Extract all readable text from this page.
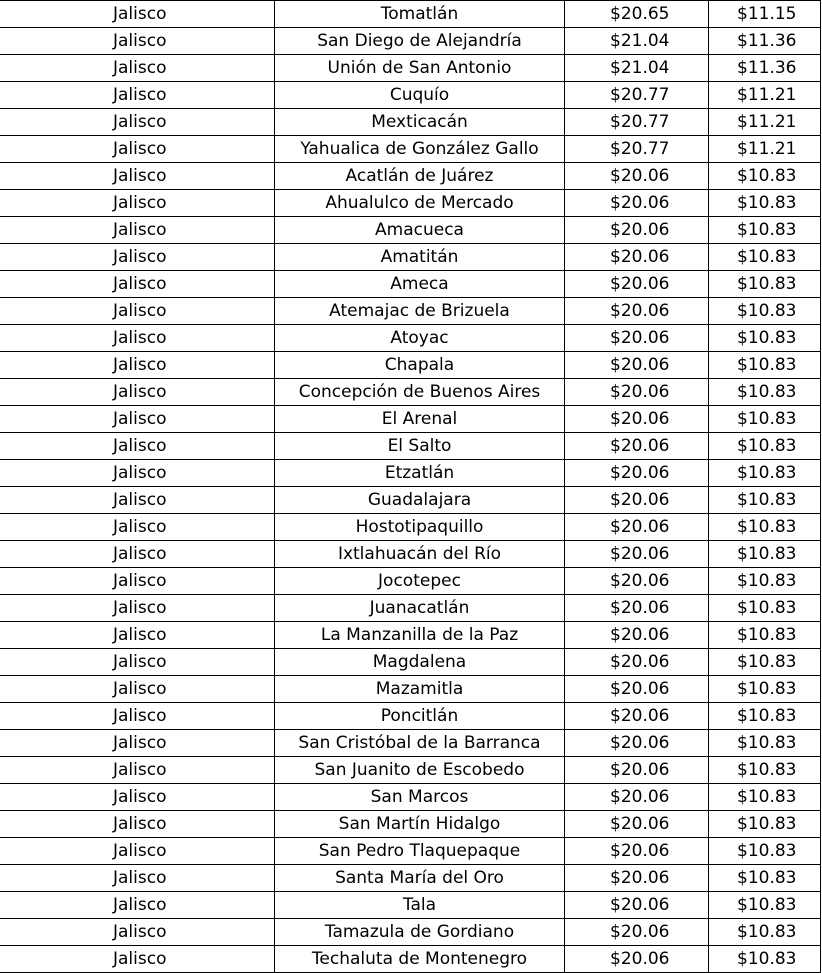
Jalisco	Tomatlán	$20.65	$11.15
Jalisco	San Diego de Alejandría	$21.04	$11.36
Jalisco	Unión de San Antonio	$21.04	$11.36
Jalisco	Cuquío	$20.77	$11.21
Jalisco	Mexticacán	$20.77	$11.21
Jalisco	Yahualica de González Gallo	$20.77	$11.21
Jalisco	Acatlán de Juárez	$20.06	$10.83
Jalisco	Ahualulco de Mercado	$20.06	$10.83
Jalisco	Amacueca	$20.06	$10.83
Jalisco	Amatitán	$20.06	$10.83
Jalisco	Ameca	$20.06	$10.83
Jalisco	Atemajac de Brizuela	$20.06	$10.83
Jalisco	Atoyac	$20.06	$10.83
Jalisco	Chapala	$20.06	$10.83
Jalisco	Concepción de Buenos Aires	$20.06	$10.83
Jalisco	El Arenal	$20.06	$10.83
Jalisco	El Salto	$20.06	$10.83
Jalisco	Etzatlán	$20.06	$10.83
Jalisco	Guadalajara	$20.06	$10.83
Jalisco	Hostotipaquillo	$20.06	$10.83
Jalisco	Ixtlahuacán del Río	$20.06	$10.83
Jalisco	Jocotepec	$20.06	$10.83
Jalisco	Juanacatlán	$20.06	$10.83
Jalisco	La Manzanilla de la Paz	$20.06	$10.83
Jalisco	Magdalena	$20.06	$10.83
Jalisco	Mazamitla	$20.06	$10.83
Jalisco	Poncitlán	$20.06	$10.83
Jalisco	San Cristóbal de la Barranca	$20.06	$10.83
Jalisco	San Juanito de Escobedo	$20.06	$10.83
Jalisco	San Marcos	$20.06	$10.83
Jalisco	San Martín Hidalgo	$20.06	$10.83
Jalisco	San Pedro Tlaquepaque	$20.06	$10.83
Jalisco	Santa María del Oro	$20.06	$10.83
Jalisco	Tala	$20.06	$10.83
Jalisco	Tamazula de Gordiano	$20.06	$10.83
Jalisco	Techaluta de Montenegro	$20.06	$10.83
